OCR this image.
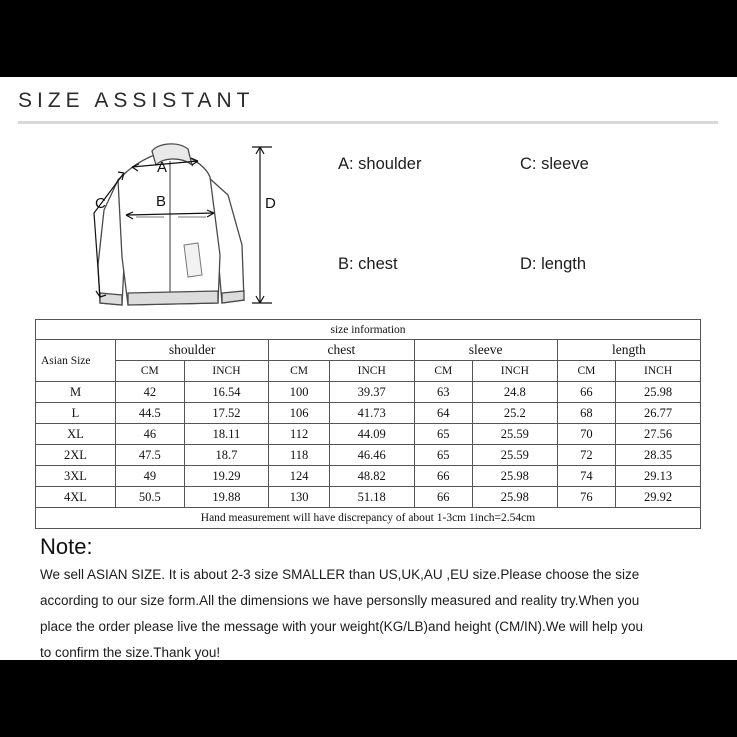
SIZE ASSISTANT
A
B
C	D
A: shoulder	C: sleeve
B: chest	D: length
size information								
Asian Size	shoulder		chest		sleeve		length	
	CM	INCH	CM	INCH	CM	INCH	CM	INCH
M	42	16.54	100	39.37	63	24.8	66	25.98
L	44.5	17.52	106	41.73	64	25.2	68	26.77
XL	46	18.11	112	44.09	65	25.59	70	27.56
2XL	47.5	18.7	118	46.46	65	25.59	72	28.35
3XL	49	19.29	124	48.82	66	25.98	74	29.13
4XL	50.5	19.88	130	51.18	66	25.98	76	29.92
Hand measurement will have discrepancy of about 1-3cm 1inch=2.54cm								
Note:
We sell ASIAN SIZE. It is about 2-3 size SMALLER than US,UK,AU ,EU size.Please choose the size
according to our size form.All the dimensions we have personslly measured and reality try.When you
place the order please live the message with your weight(KG/LB)and height (CM/IN).We will help you
to confirm the size.Thank you!
